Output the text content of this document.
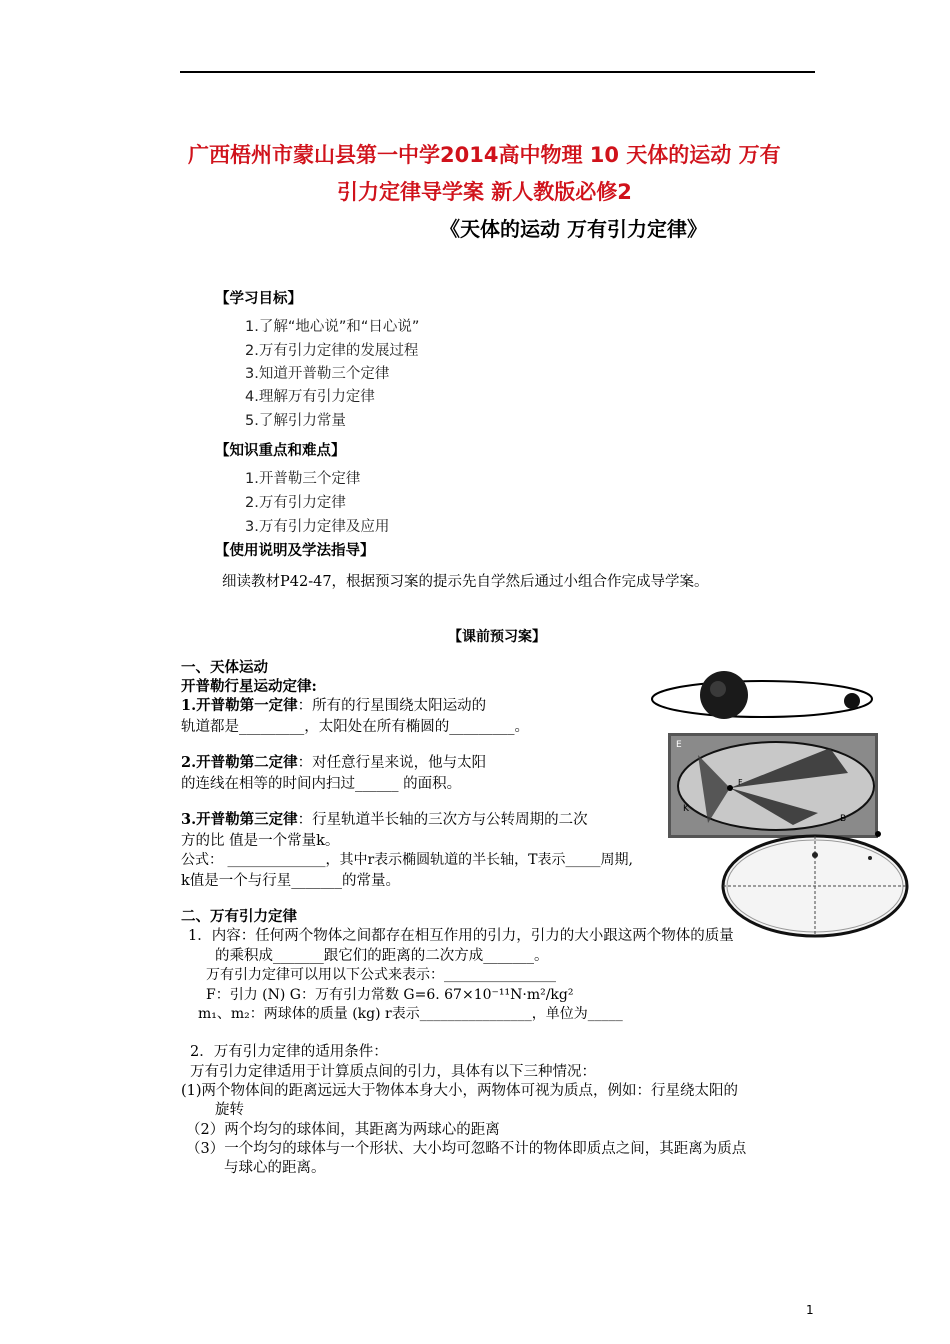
广西梧州市蒙山县第一中学2014高中物理 10 天体的运动 万有
引力定律导学案 新人教版必修2
《天体的运动 万有引力定律》
【学习目标】
1.了解“地心说”和“日心说”
2.万有引力定律的发展过程
3.知道开普勒三个定律
4.理解万有引力定律
5.了解引力常量
【知识重点和难点】
1.开普勒三个定律
2.万有引力定律
3.万有引力定律及应用
【使用说明及学法指导】
细读教材P42-47，根据预习案的提示先自学然后通过小组合作完成导学案。
【课前预习案】
一、天体运动
开普勒行星运动定律:
1.开普勒第一定律：所有的行星围绕太阳运动的
轨道都是_________，太阳处在所有椭圆的_________。
2.开普勒第二定律：对任意行星来说，他与太阳
的连线在相等的时间内扫过______ 的面积。
3.开普勒第三定律：行星轨道半长轴的三次方与公转周期的二次
方的比 值是一个常量k。
公式： ______________，其中r表示椭圆轨道的半长轴，T表示_____周期,
k值是一个与行星_______的常量。
二、万有引力定律
1．内容：任何两个物体之间都存在相互作用的引力，引力的大小跟这两个物体的质量
的乘积成_______跟它们的距离的二次方成_______。
万有引力定律可以用以下公式来表示：________________
F：引力 (N) G：万有引力常数 G=6. 67×10⁻¹¹N·m²/kg²
m₁、m₂：两球体的质量 (kg) r表示________________，单位为_____
2．万有引力定律的适用条件：
万有引力定律适用于计算质点间的引力，具体有以下三种情况：
(1)两个物体间的距离远远大于物体本身大小，两物体可视为质点，例如：行星绕太阳的
旋转
（2）两个均匀的球体间，其距离为两球心的距离
（3）一个均匀的球体与一个形状、大小均可忽略不计的物体即质点之间，其距离为质点
与球心的距离。
E
F
K
B
1
